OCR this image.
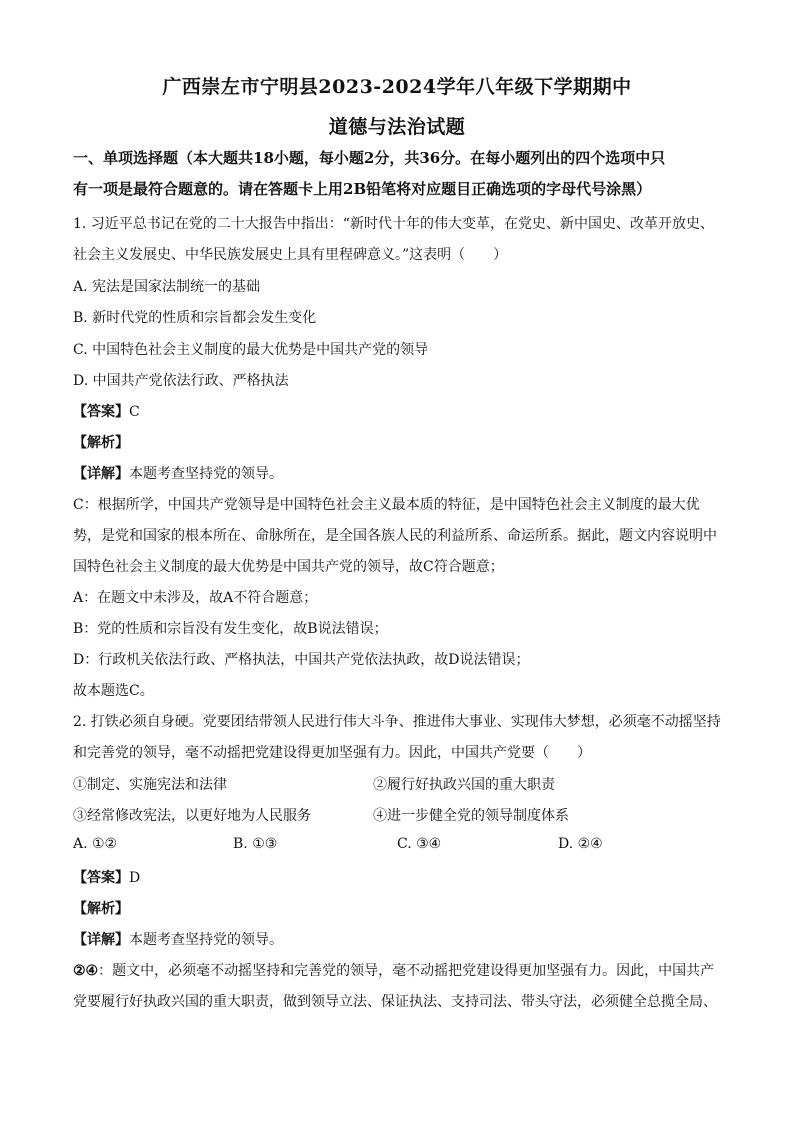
广西崇左市宁明县2023-2024学年八年级下学期期中
道德与法治试题
一、单项选择题（本大题共18小题，每小题2分，共36分。在每小题列出的四个选项中只
有一项是最符合题意的。请在答题卡上用2B铅笔将对应题目正确选项的字母代号涂黑）
1. 习近平总书记在党的二十大报告中指出：“新时代十年的伟大变革，在党史、新中国史、改革开放史、
社会主义发展史、中华民族发展史上具有里程碑意义。”这表明（　　）
A. 宪法是国家法制统一的基础
B. 新时代党的性质和宗旨都会发生变化
C. 中国特色社会主义制度的最大优势是中国共产党的领导
D. 中国共产党依法行政、严格执法
【答案】C
【解析】
【详解】本题考查坚持党的领导。
C：根据所学，中国共产党领导是中国特色社会主义最本质的特征，是中国特色社会主义制度的最大优
势，是党和国家的根本所在、命脉所在，是全国各族人民的利益所系、命运所系。据此，题文内容说明中
国特色社会主义制度的最大优势是中国共产党的领导，故C符合题意；
A：在题文中未涉及，故A不符合题意；
B：党的性质和宗旨没有发生变化，故B说法错误；
D：行政机关依法行政、严格执法，中国共产党依法执政，故D说法错误；
故本题选C。
2. 打铁必须自身硬。党要团结带领人民进行伟大斗争、推进伟大事业、实现伟大梦想，必须毫不动摇坚持
和完善党的领导，毫不动摇把党建设得更加坚强有力。因此，中国共产党要（　　）
①制定、实施宪法和法律	②履行好执政兴国的重大职责
③经常修改宪法，以更好地为人民服务	④进一步健全党的领导制度体系
A. ①②	B. ①③	C. ③④	D. ②④
【答案】D
【解析】
【详解】本题考查坚持党的领导。
②④：题文中，必须毫不动摇坚持和完善党的领导，毫不动摇把党建设得更加坚强有力。因此，中国共产
党要履行好执政兴国的重大职责，做到领导立法、保证执法、支持司法、带头守法，必须健全总揽全局、
